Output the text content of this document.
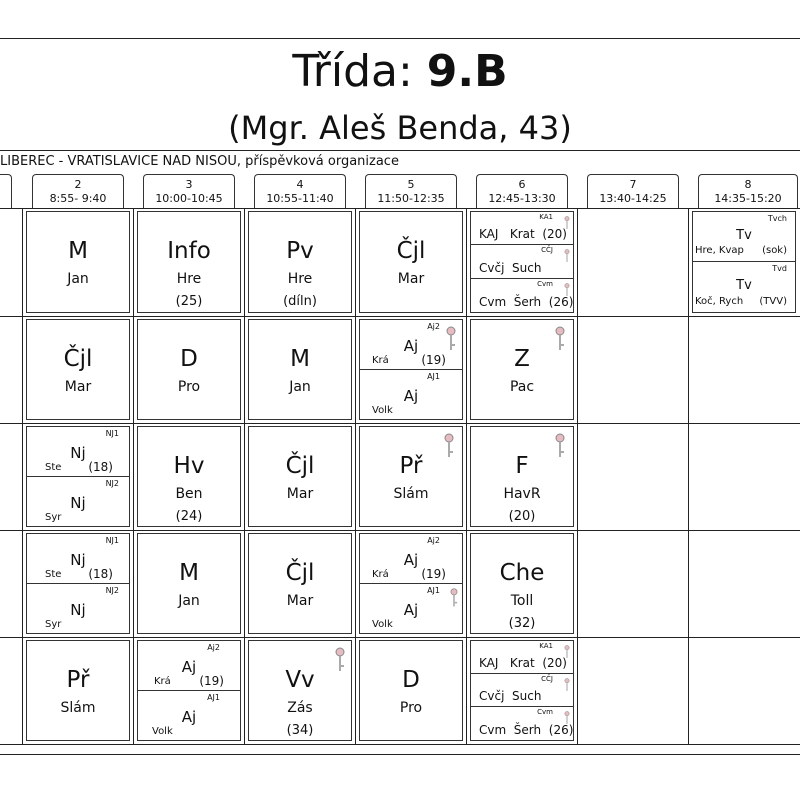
Třída: 9.B
(Mgr. Aleš Benda, 43)
LIBEREC - VRATISLAVICE NAD NISOU, příspěvková organizace
2
8:55- 9:40
3
10:00-10:45
4
10:55-11:40
5
11:50-12:35
6
12:45-13:30
7
13:40-14:25
8
14:35-15:20
M
Jan
Info
Hre
(25)
Pv
Hre
(díln)
Čjl
Mar
KA1
KAJ   Krat  (20)
CČJ
Cvčj  Such
Cvm
Cvm  Šerh  (26)
Tvch
Tv
Hre, Kvap (sok)
Tvd
Tv
Koč, Rych (TVV)
Čjl
Mar
D
Pro
M
Jan
Aj2
Aj
Krá	(19)
AJ1
Aj
Volk
Z
Pac
NJ1
Nj
Ste (18)
NJ2
Nj
Syr
Hv
Ben
(24)
Čjl
Mar
Př
Slám
F
HavR
(20)
NJ1
Nj
Ste (18)
NJ2
Nj
Syr
M
Jan
Čjl
Mar
Aj2
Aj
Krá	(19)
AJ1
Aj
Volk
Che
Toll
(32)
Př
Slám
Aj2
Aj
Krá (19)
AJ1
Aj
Volk
Vv
Zás
(34)
D
Pro
KA1
KAJ   Krat  (20)
CČJ
Cvčj  Such
Cvm
Cvm  Šerh  (26)
